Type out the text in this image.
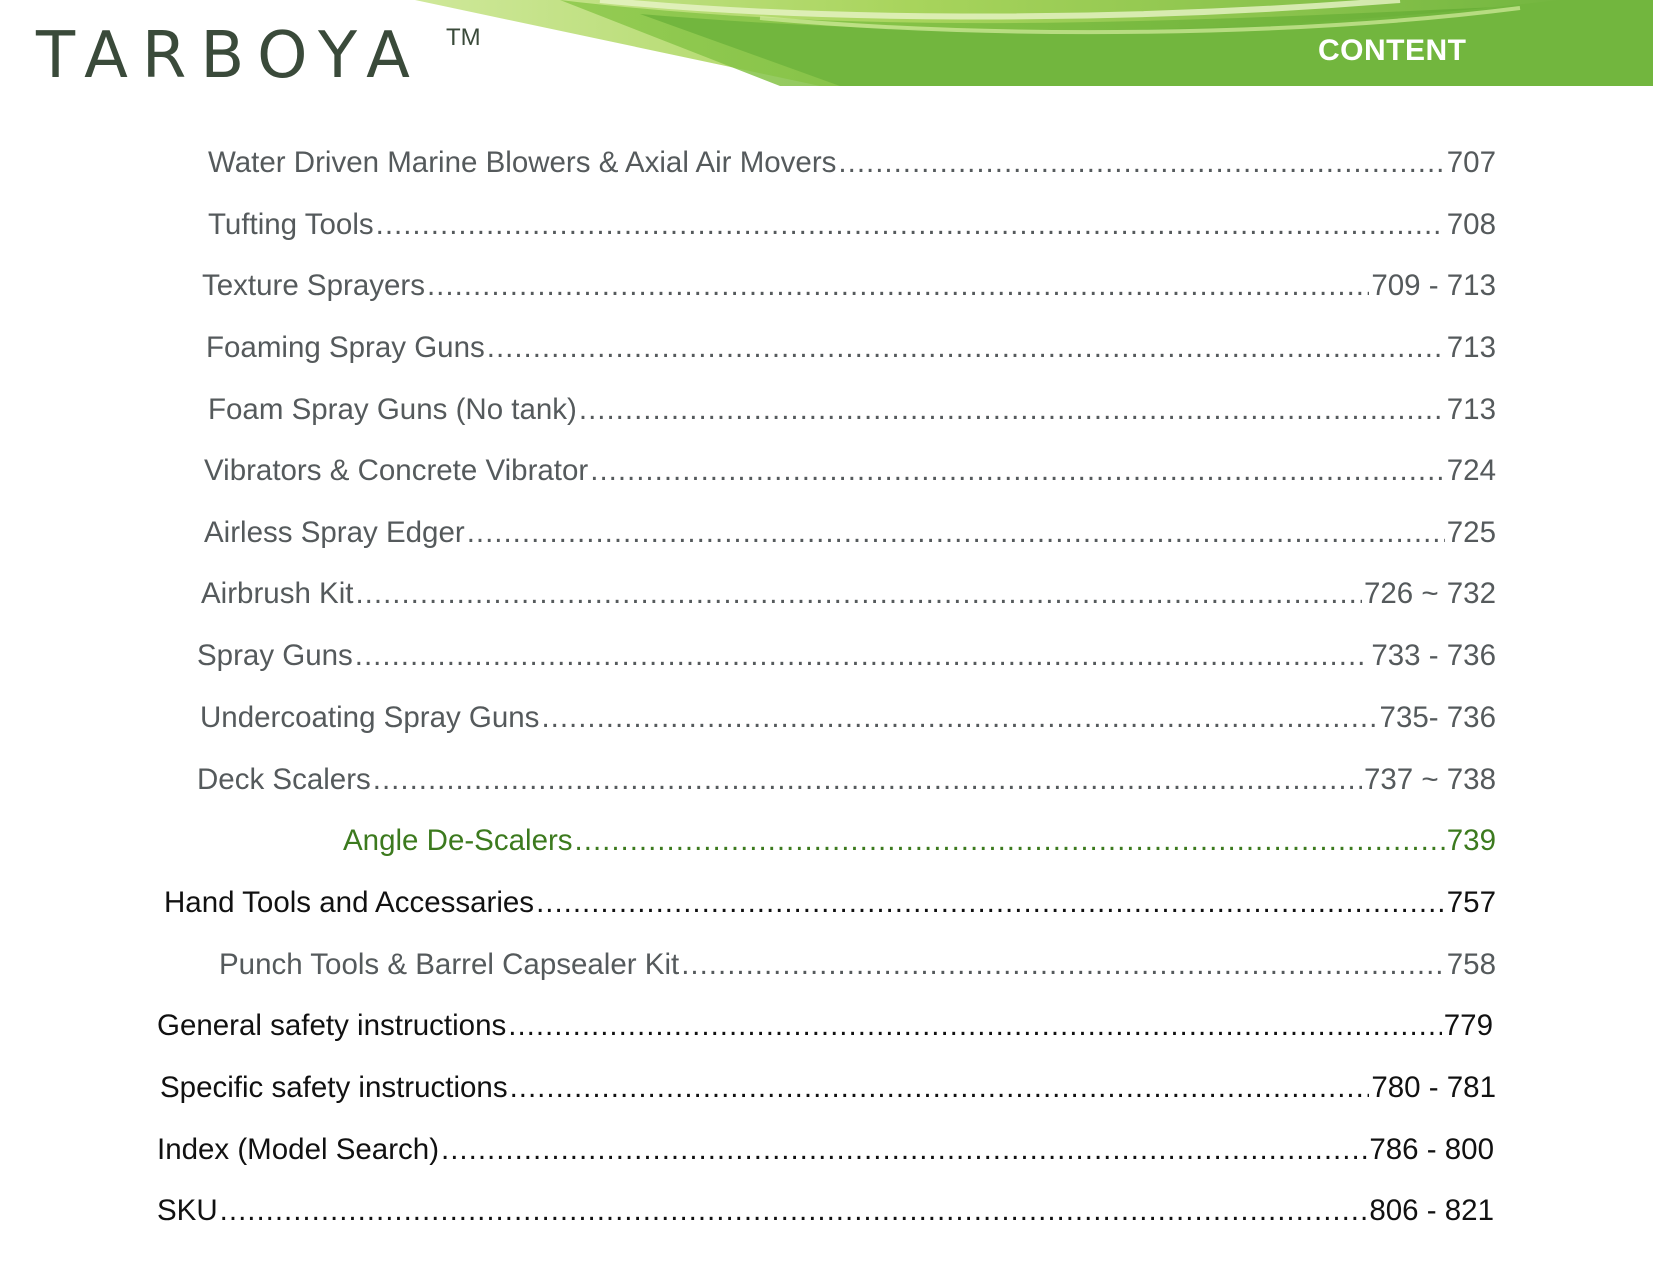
TARBOYA TM	CONTENT
Water Driven Marine Blowers & Axial Air Movers .....	707
Tufting Tools .....	708
Texture Sprayers .....	709 - 713
Foaming Spray Guns .....	713
Foam Spray Guns (No tank) .....	713
Vibrators & Concrete Vibrator .....	724
Airless Spray Edger .....	725
Airbrush Kit .....	726 ~ 732
Spray Guns .....	733 - 736
Undercoating Spray Guns .....	735- 736
Deck Scalers .....	737 ~ 738
Angle De-Scalers .....	739
Hand Tools and Accessaries .....	757
Punch Tools & Barrel Capsealer Kit .....	758
General safety instructions .....	779
Specific safety instructions .....	780 - 781
Index (Model Search) .....	786 - 800
SKU .....	806 - 821
